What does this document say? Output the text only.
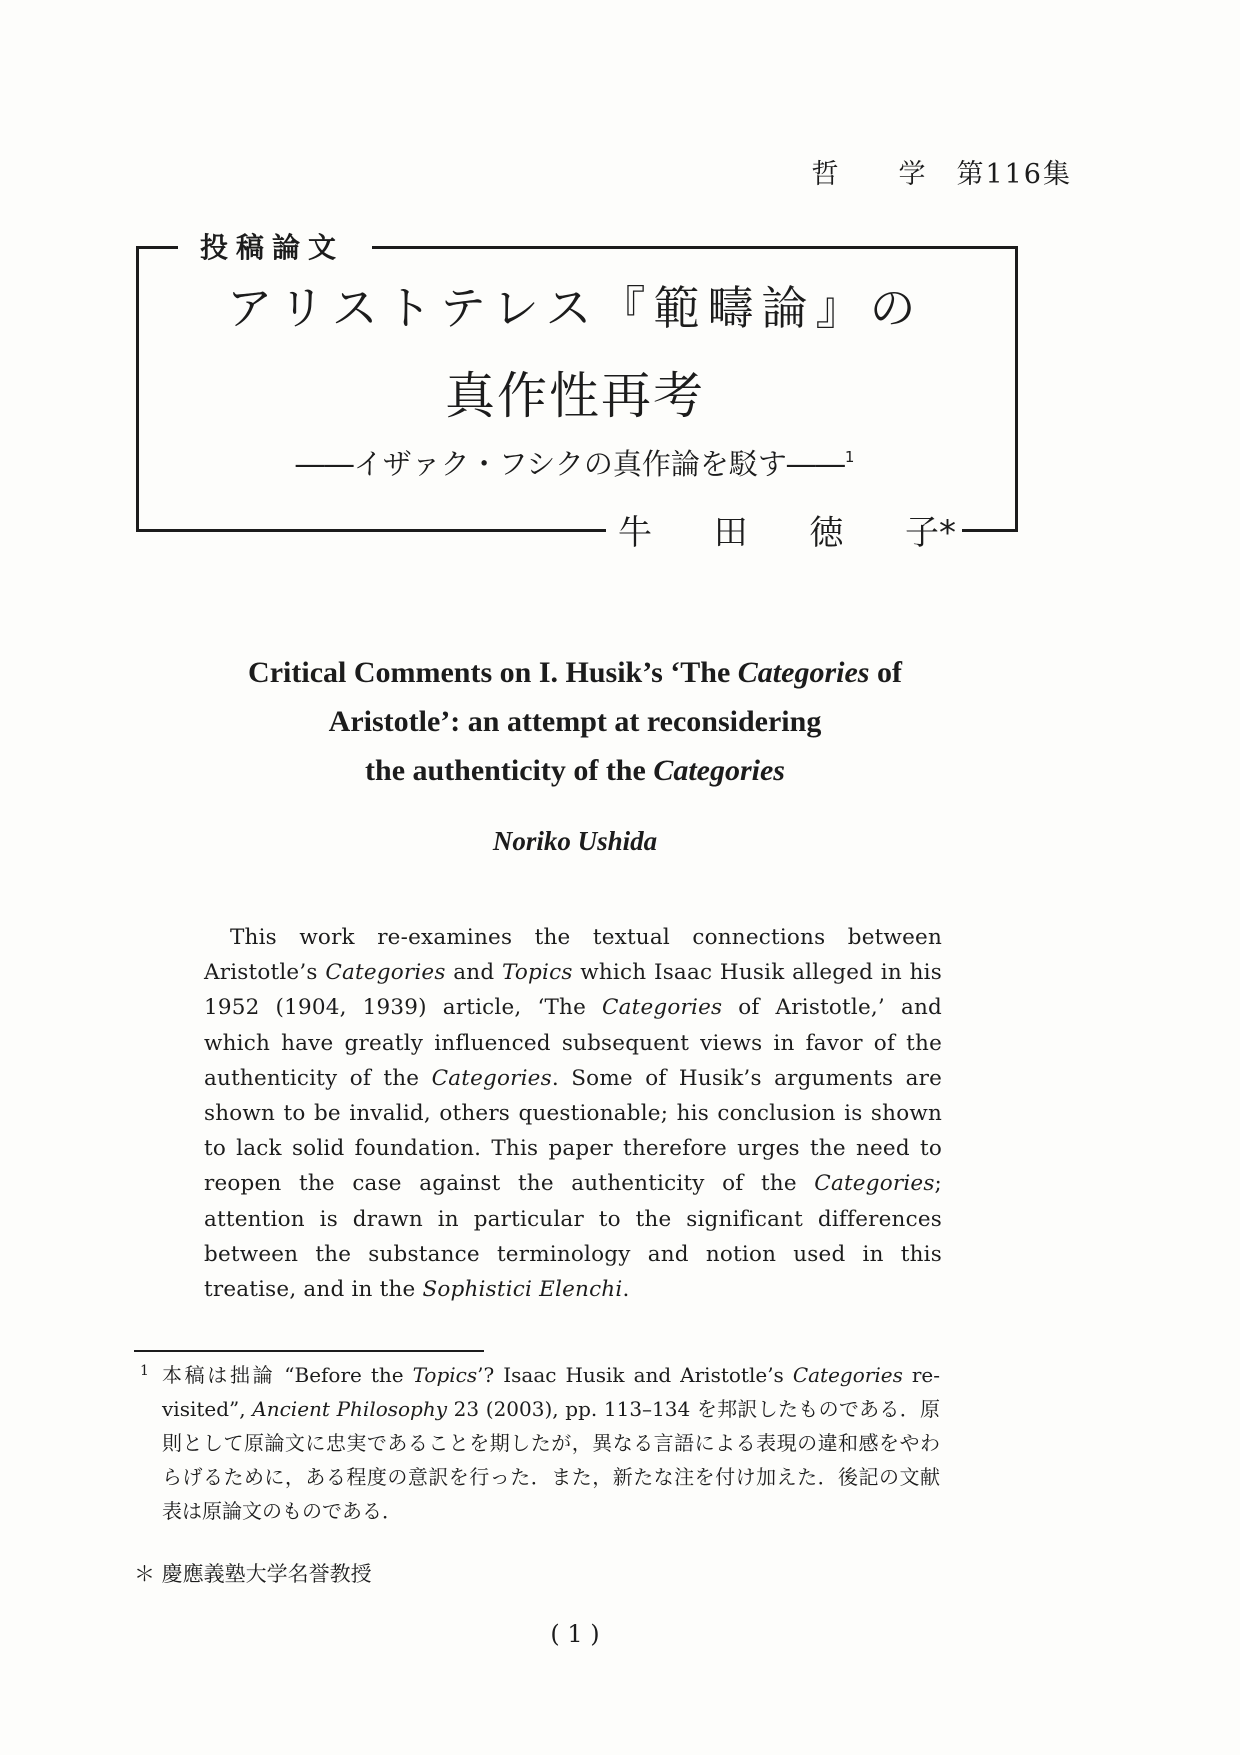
哲　　学　第116集
投稿論文
アリストテレス『範疇論』の
真作性再考
――イザァク・フシクの真作論を駁す――$^1$
牛 田 徳 子*
Critical Comments on I. Husik’s ‘The Categories of
Aristotle’: an attempt at reconsidering
the authenticity of the Categories
Noriko Ushida
This work re-examines the textual connections between Aristotle’s Categories and Topics which Isaac Husik alleged in his 1952 (1904, 1939) article, ‘The Categories of Aristotle,’ and which have greatly influenced subsequent views in favor of the authenticity of the Categories. Some of Husik’s arguments are shown to be invalid, others questionable; his conclusion is shown to lack solid foundation. This paper therefore urges the need to reopen the case against the authenticity of the Categories; attention is drawn in particular to the significant differences between the substance terminology and notion used in this treatise, and in the Sophistici Elenchi.
1 本稿は拙論 “Before the Topics’? Isaac Husik and Aristotle’s Categories re-visited”, Ancient Philosophy 23 (2003), pp. 113–134 を邦訳したものである．原則として原論文に忠実であることを期したが，異なる言語による表現の違和感をやわらげるために，ある程度の意訳を行った．また，新たな注を付け加えた．後記の文献表は原論文のものである．
＊ 慶應義塾大学名誉教授
( 1 )
